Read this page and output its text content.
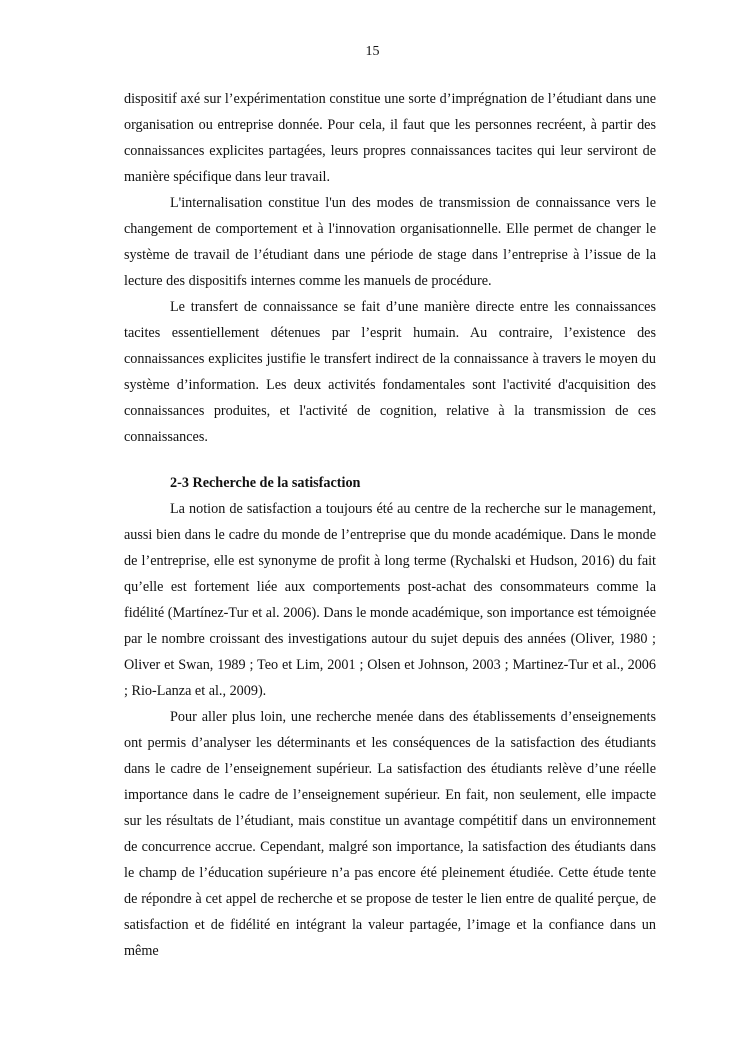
15

dispositif axé sur l’expérimentation constitue une sorte d’imprégnation de l’étudiant dans une organisation ou entreprise donnée. Pour cela, il faut que les personnes recréent, à partir des connaissances explicites partagées, leurs propres connaissances tacites qui leur serviront de manière spécifique dans leur travail.

L'internalisation constitue l'un des modes de transmission de connaissance vers le changement de comportement et à l'innovation organisationnelle. Elle permet de changer le système de travail de l’étudiant dans une période de stage dans l’entreprise à l’issue de la lecture des dispositifs internes comme les manuels de procédure.

Le transfert de connaissance se fait d’une manière directe entre les connaissances tacites essentiellement détenues par l’esprit humain. Au contraire, l’existence des connaissances explicites justifie le transfert indirect de la connaissance à travers le moyen du système d’information. Les deux activités fondamentales sont l'activité d'acquisition des connaissances produites, et l'activité de cognition, relative à la transmission de ces connaissances.

2-3 Recherche de la satisfaction

La notion de satisfaction a toujours été au centre de la recherche sur le management, aussi bien dans le cadre du monde de l’entreprise que du monde académique. Dans le monde de l’entreprise, elle est synonyme de profit à long terme (Rychalski et Hudson, 2016) du fait qu’elle est fortement liée aux comportements post-achat des consommateurs comme la fidélité (Martínez-Tur et al. 2006). Dans le monde académique, son importance est témoignée par le nombre croissant des investigations autour du sujet depuis des années (Oliver, 1980 ; Oliver et Swan, 1989 ; Teo et Lim, 2001 ; Olsen et Johnson, 2003 ; Martinez-Tur et al., 2006 ; Rio-Lanza et al., 2009).

Pour aller plus loin, une recherche menée dans des établissements d’enseignements ont permis d’analyser les déterminants et les conséquences de la satisfaction des étudiants dans le cadre de l’enseignement supérieur. La satisfaction des étudiants relève d’une réelle importance dans le cadre de l’enseignement supérieur. En fait, non seulement, elle impacte sur les résultats de l’étudiant, mais constitue un avantage compétitif dans un environnement de concurrence accrue. Cependant, malgré son importance, la satisfaction des étudiants dans le champ de l’éducation supérieure n’a pas encore été pleinement étudiée. Cette étude tente de répondre à cet appel de recherche et se propose de tester le lien entre de qualité perçue, de satisfaction et de fidélité en intégrant la valeur partagée, l’image et la confiance dans un même
